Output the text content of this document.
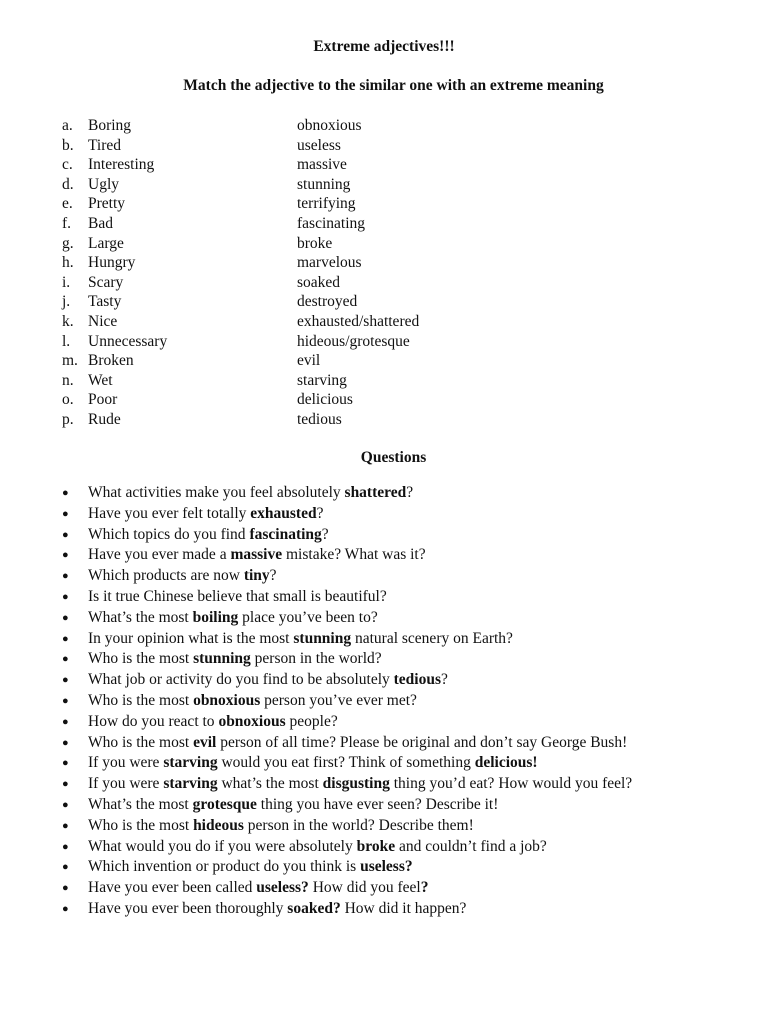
Extreme adjectives!!!
Match the adjective to the similar one with an extreme meaning
a. Boring	obnoxious
b. Tired	useless
c. Interesting	massive
d. Ugly	stunning
e. Pretty	terrifying
f.	Bad	fascinating
g. Large	broke
h. Hungry	marvelous
i.	Scary	soaked
j.	Tasty	destroyed
k. Nice	exhausted/shattered
l.	Unnecessary	hideous/grotesque
m. Broken	evil
n. Wet	starving
o. Poor	delicious
p. Rude	tedious
Questions
● What activities make you feel absolutely shattered?
● Have you ever felt totally exhausted?
● Which topics do you find fascinating?
● Have you ever made a massive mistake? What was it?
● Which products are now tiny?
● Is it true Chinese believe that small is beautiful?
● What’s the most boiling place you’ve been to?
● In your opinion what is the most stunning natural scenery on Earth?
● Who is the most stunning person in the world?
● What job or activity do you find to be absolutely tedious?
● Who is the most obnoxious person you’ve ever met?
● How do you react to obnoxious people?
● Who is the most evil person of all time? Please be original and don’t say George Bush!
● If you were starving would you eat first? Think of something delicious!
● If you were starving what’s the most disgusting thing you’d eat? How would you feel?
● What’s the most grotesque thing you have ever seen? Describe it!
● Who is the most hideous person in the world? Describe them!
● What would you do if you were absolutely broke and couldn’t find a job?
● Which invention or product do you think is useless?
● Have you ever been called useless? How did you feel?
● Have you ever been thoroughly soaked? How did it happen?
